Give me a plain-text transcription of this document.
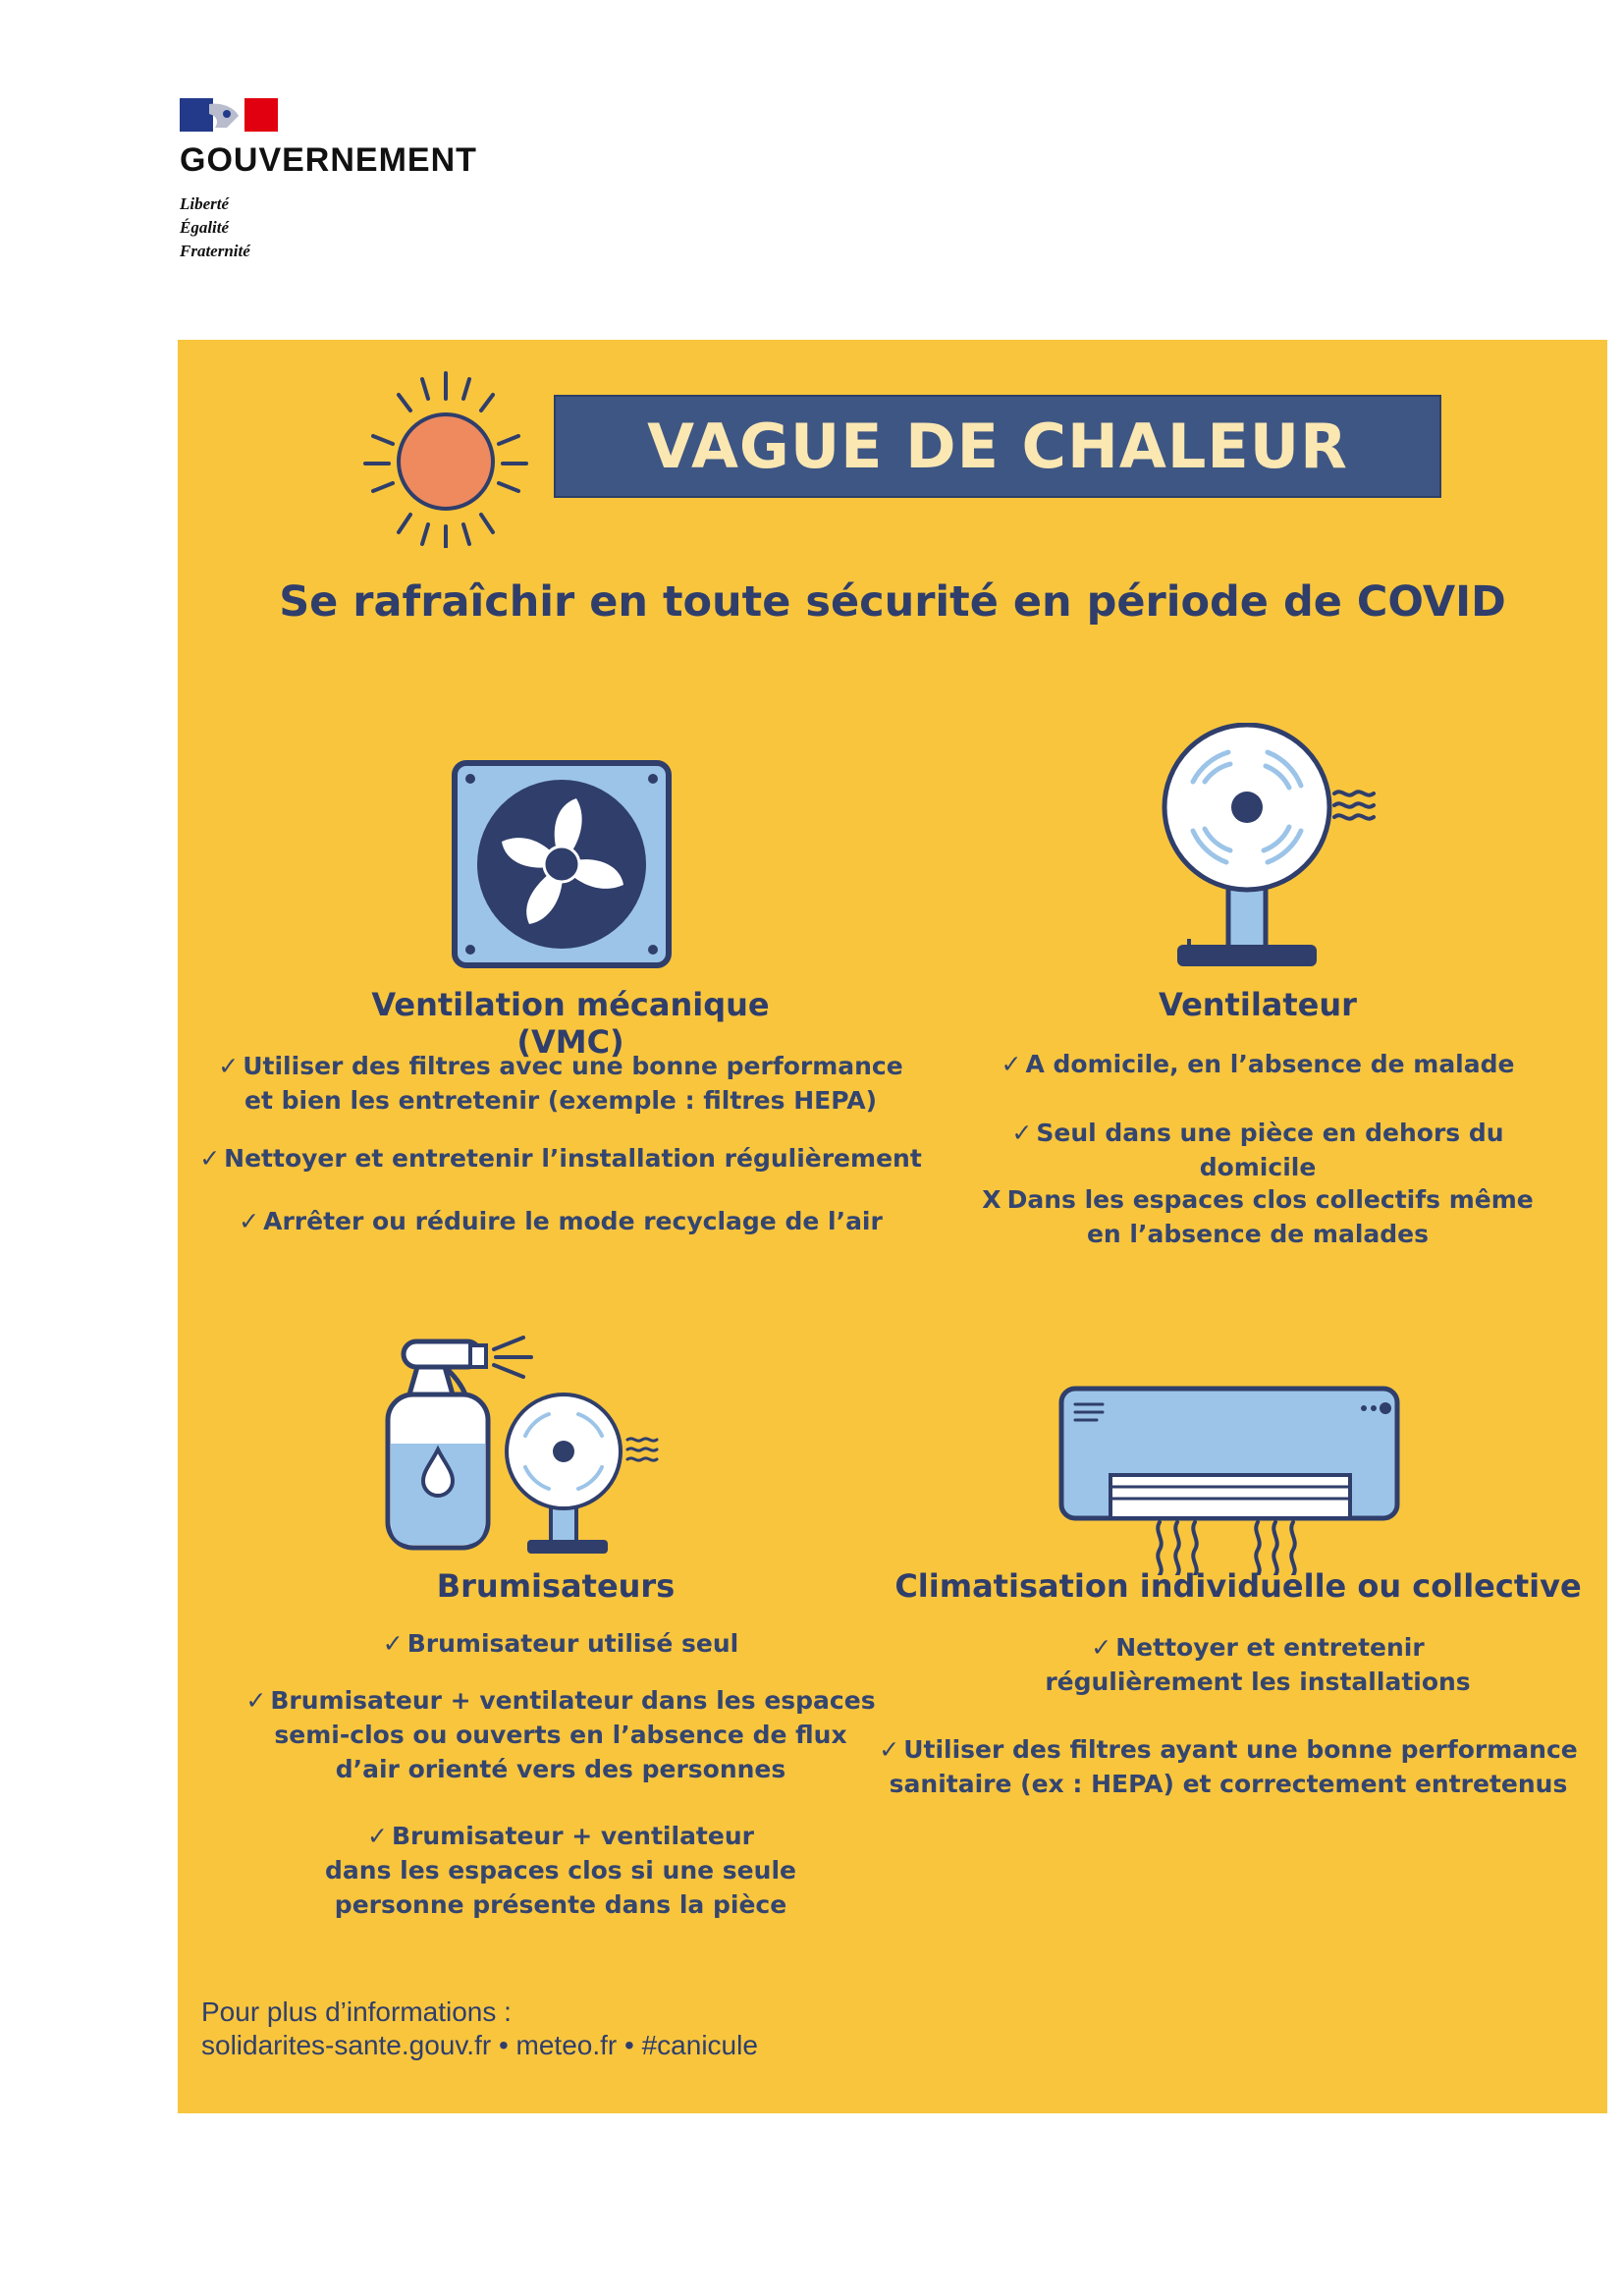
GOUVERNEMENT
Liberté
Égalité
Fraternité
VAGUE DE CHALEUR
Se rafraîchir en toute sécurité en période de COVID
Ventilation mécanique (VMC)
Ventilateur
✓ Utiliser des filtres avec une bonne performance
et bien les entretenir (exemple : filtres HEPA)
✓ Nettoyer et entretenir l’installation régulièrement
✓ Arrêter ou réduire le mode recyclage de l’air
✓ A domicile, en l’absence de malade
✓ Seul dans une pièce en dehors du domicile
X Dans les espaces clos collectifs même
en l’absence de malades
Brumisateurs	Climatisation individuelle ou collective
✓ Brumisateur utilisé seul
✓ Brumisateur + ventilateur dans les espaces
semi-clos ou ouverts en l’absence de flux
d’air orienté vers des personnes
✓ Brumisateur + ventilateur
dans les espaces clos si une seule
personne présente dans la pièce
✓ Nettoyer et entretenir
régulièrement les installations
✓ Utiliser des filtres ayant une bonne performance
sanitaire (ex : HEPA) et correctement entretenus
Pour plus d’informations :
solidarites-sante.gouv.fr • meteo.fr • #canicule
